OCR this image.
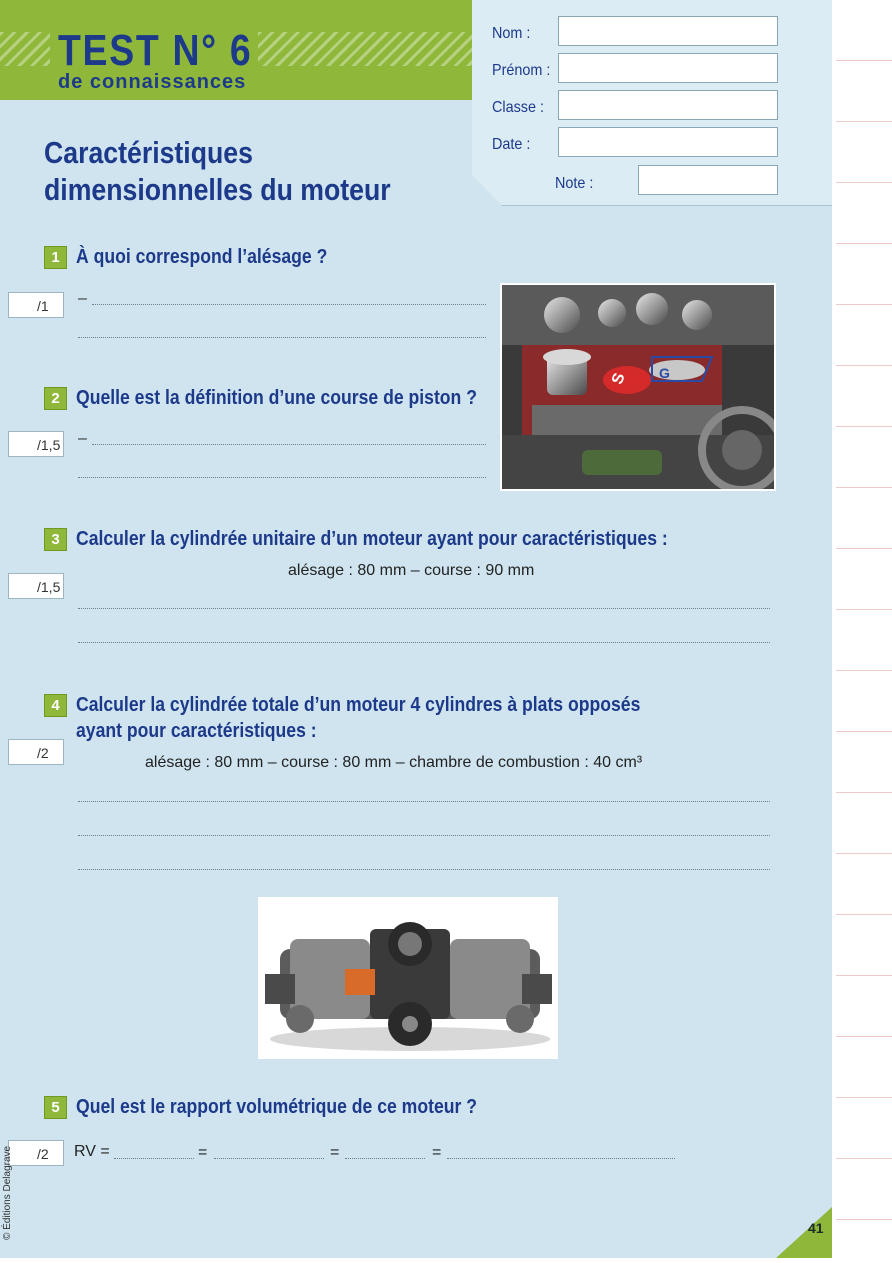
TEST N° 6
de connaissances
Nom :
Prénom :
Classe :
Date :
Note :
Caractéristiques
dimensionnelles du moteur
1 À quoi correspond l’alésage ?
/1	–
S G
2 Quelle est la définition d’une course de piston ?
/1,5 –
3 Calculer la cylindrée unitaire d’un moteur ayant pour caractéristiques :
/1,5
alésage : 80 mm – course : 90 mm
4 Calculer la cylindrée totale d’un moteur 4 cylindres à plats opposés
ayant pour caractéristiques :
/2
alésage : 80 mm – course : 80 mm – chambre de combustion : 40 cm³
5 Quel est le rapport volumétrique de ce moteur ?
/2	RV =	=	=	=
41
© Éditions Delagrave
